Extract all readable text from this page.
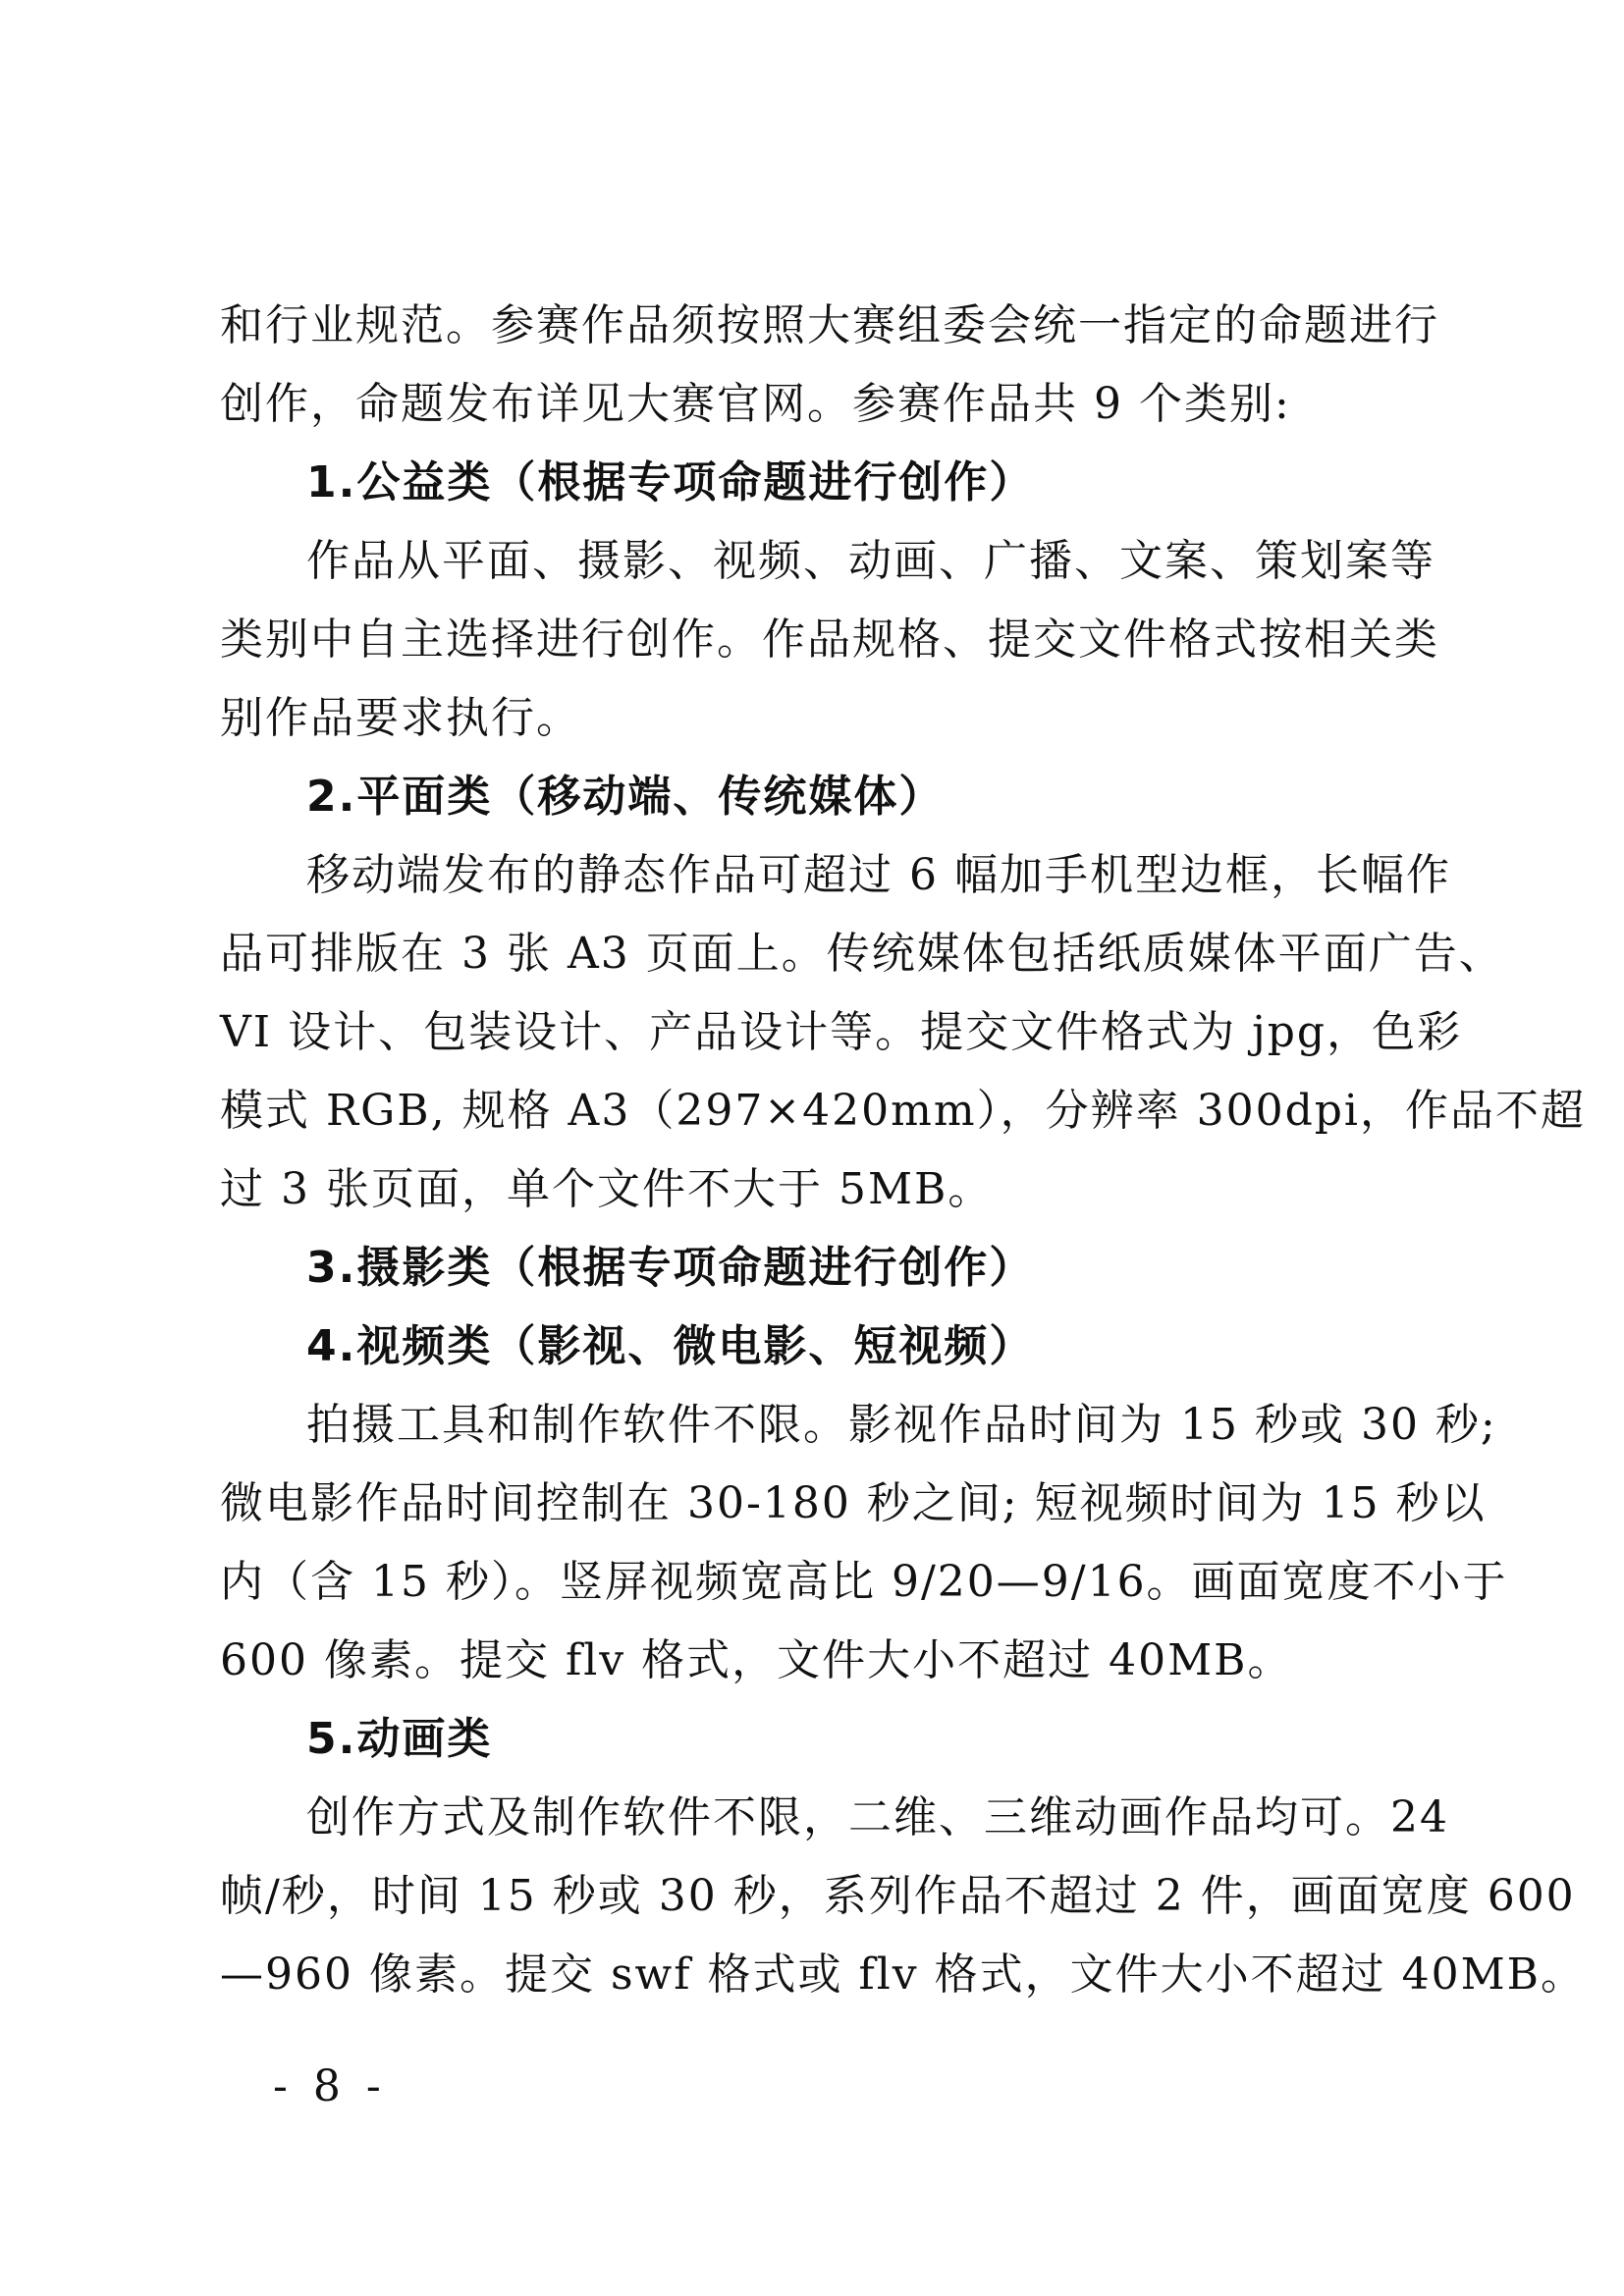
和行业规范。参赛作品须按照大赛组委会统一指定的命题进行
创作，命题发布详见大赛官网。参赛作品共 9 个类别:
1.公益类（根据专项命题进行创作）
作品从平面、摄影、视频、动画、广播、文案、策划案等
类别中自主选择进行创作。作品规格、提交文件格式按相关类
别作品要求执行。
2.平面类（移动端、传统媒体）
移动端发布的静态作品可超过 6 幅加手机型边框，长幅作
品可排版在 3 张 A3 页面上。传统媒体包括纸质媒体平面广告、
VI 设计、包装设计、产品设计等。提交文件格式为 jpg，色彩
模式 RGB, 规格 A3（297×420mm），分辨率 300dpi，作品不超
过 3 张页面，单个文件不大于 5MB。
3.摄影类（根据专项命题进行创作）
4.视频类（影视、微电影、短视频）
拍摄工具和制作软件不限。影视作品时间为 15 秒或 30 秒;
微电影作品时间控制在 30-180 秒之间; 短视频时间为 15 秒以
内（含 15 秒）。竖屏视频宽高比 9/20—9/16。画面宽度不小于
600 像素。提交 flv 格式，文件大小不超过 40MB。
5.动画类
创作方式及制作软件不限，二维、三维动画作品均可。24
帧/秒，时间 15 秒或 30 秒，系列作品不超过 2 件，画面宽度 600
—960 像素。提交 swf 格式或 flv 格式，文件大小不超过 40MB。
- 8 -
